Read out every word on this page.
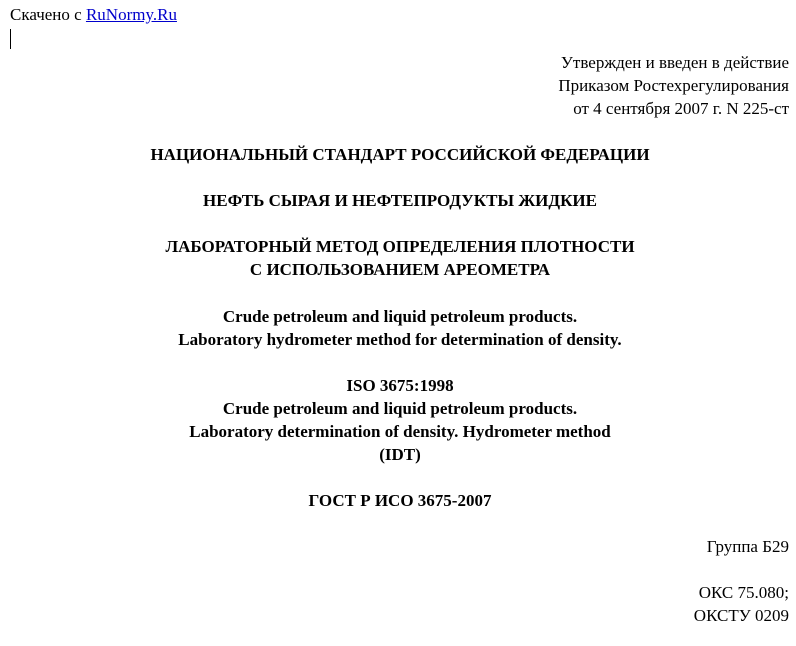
Скачено с RuNormy.Ru
Утвержден и введен в действие
Приказом Ростехрегулирования
от 4 сентября 2007 г. N 225-ст
НАЦИОНАЛЬНЫЙ СТАНДАРТ РОССИЙСКОЙ ФЕДЕРАЦИИ
НЕФТЬ СЫРАЯ И НЕФТЕПРОДУКТЫ ЖИДКИЕ
ЛАБОРАТОРНЫЙ МЕТОД ОПРЕДЕЛЕНИЯ ПЛОТНОСТИ
С ИСПОЛЬЗОВАНИЕМ АРЕОМЕТРА
Crude petroleum and liquid petroleum products.
Laboratory hydrometer method for determination of density.
ISO 3675:1998
Crude petroleum and liquid petroleum products.
Laboratory determination of density. Hydrometer method
(IDT)
ГОСТ Р ИСО 3675-2007
Группа Б29
ОКС 75.080;
ОКСТУ 0209
